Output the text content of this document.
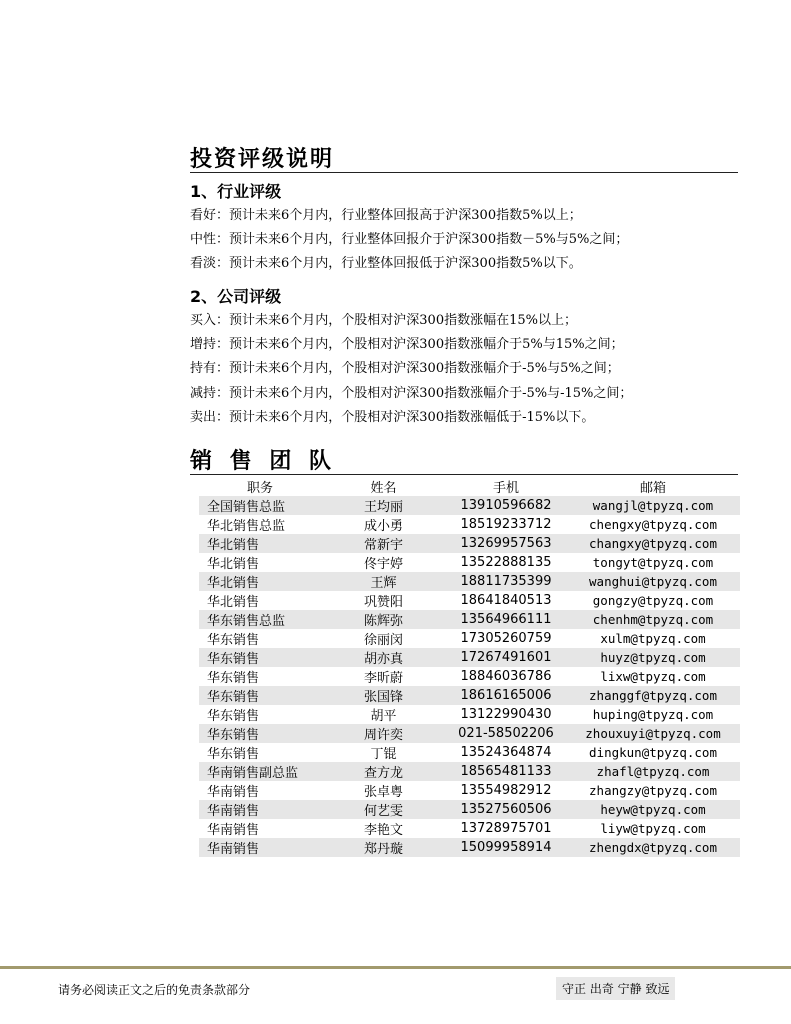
投资评级说明
1、行业评级
看好：预计未来6个月内，行业整体回报高于沪深300指数5%以上；
中性：预计未来6个月内，行业整体回报介于沪深300指数－5%与5%之间；
看淡：预计未来6个月内，行业整体回报低于沪深300指数5%以下。
2、公司评级
买入：预计未来6个月内，个股相对沪深300指数涨幅在15%以上；
增持：预计未来6个月内，个股相对沪深300指数涨幅介于5%与15%之间；
持有：预计未来6个月内，个股相对沪深300指数涨幅介于-5%与5%之间；
减持：预计未来6个月内，个股相对沪深300指数涨幅介于-5%与-15%之间；
卖出：预计未来6个月内，个股相对沪深300指数涨幅低于-15%以下。
销 售 团 队
职务	姓名	手机	邮箱
全国销售总监	王均丽	13910596682	wangjl@tpyzq.com
华北销售总监	成小勇	18519233712	chengxy@tpyzq.com
华北销售	常新宇	13269957563	changxy@tpyzq.com
华北销售	佟宇婷	13522888135	tongyt@tpyzq.com
华北销售	王辉	18811735399	wanghui@tpyzq.com
华北销售	巩赞阳	18641840513	gongzy@tpyzq.com
华东销售总监	陈辉弥	13564966111	chenhm@tpyzq.com
华东销售	徐丽闵	17305260759	xulm@tpyzq.com
华东销售	胡亦真	17267491601	huyz@tpyzq.com
华东销售	李昕蔚	18846036786	lixw@tpyzq.com
华东销售	张国锋	18616165006	zhanggf@tpyzq.com
华东销售	胡平	13122990430	huping@tpyzq.com
华东销售	周许奕	021-58502206	zhouxuyi@tpyzq.com
华东销售	丁锟	13524364874	dingkun@tpyzq.com
华南销售副总监	查方龙	18565481133	zhafl@tpyzq.com
华南销售	张卓粤	13554982912	zhangzy@tpyzq.com
华南销售	何艺雯	13527560506	heyw@tpyzq.com
华南销售	李艳文	13728975701	liyw@tpyzq.com
华南销售	郑丹璇	15099958914	zhengdx@tpyzq.com
请务必阅读正文之后的免责条款部分	守正 出奇 宁静 致远
